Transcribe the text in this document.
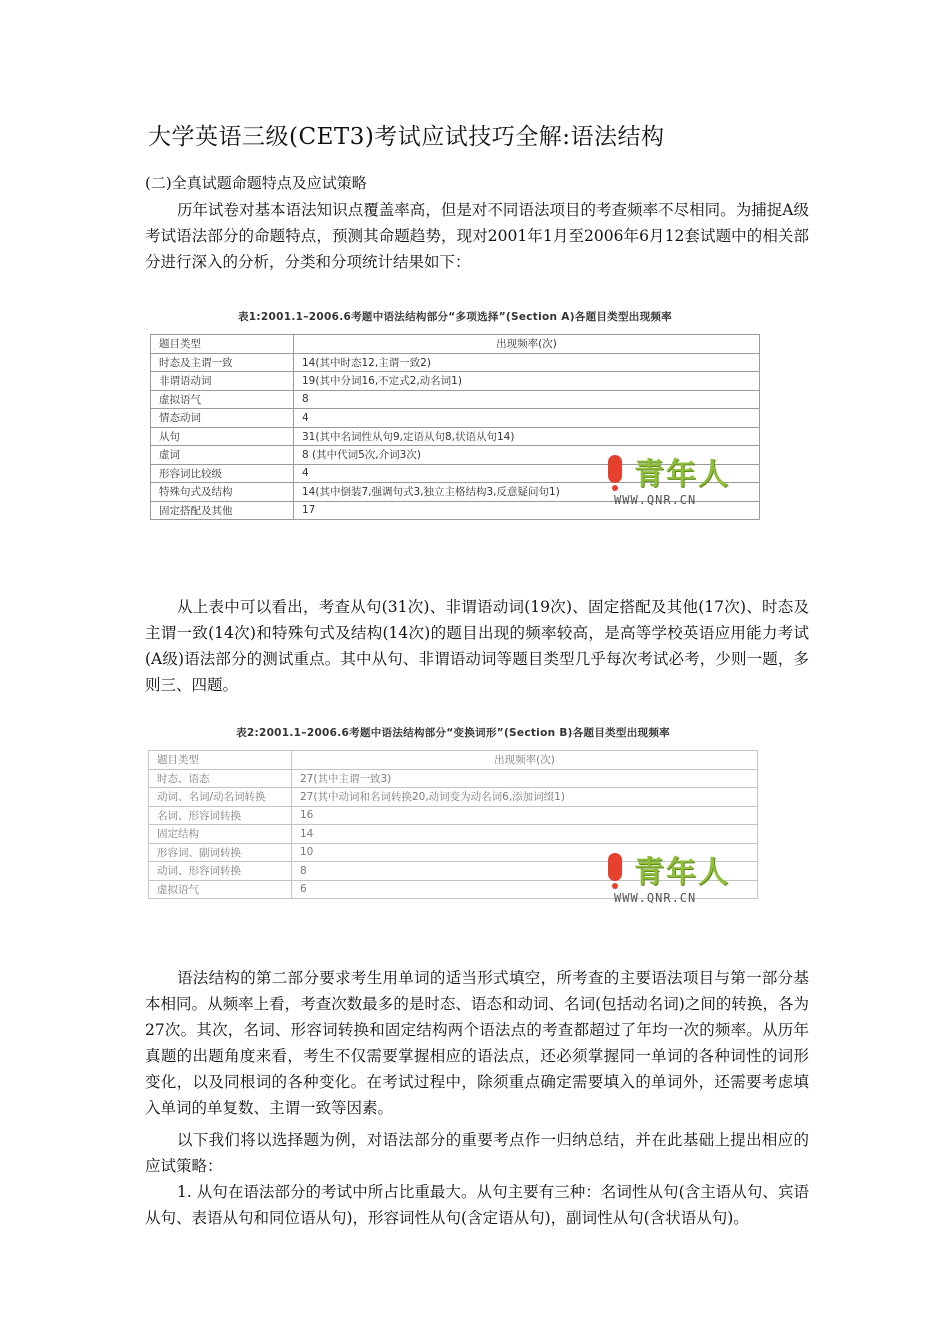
大学英语三级(CET3)考试应试技巧全解:语法结构
(二)全真试题命题特点及应试策略

历年试卷对基本语法知识点覆盖率高，但是对不同语法项目的考查频率不尽相同。为捕捉A级考试语法部分的命题特点，预测其命题趋势，现对2001年1月至2006年6月12套试题中的相关部分进行深入的分析，分类和分项统计结果如下：

表1:2001.1–2006.6考题中语法结构部分“多项选择”(Section A)各题目类型出现频率
题目类型	出现频率(次)
时态及主谓一致	14(其中时态12,主谓一致2)
非谓语动词	19(其中分词16,不定式2,动名词1)
虚拟语气	8
情态动词	4
从句	31(其中名词性从句9,定语从句8,状语从句14)
虚词	8 (其中代词5次,介词3次)
形容词比较级	4
特殊句式及结构	14(其中倒装7,强调句式3,独立主格结构3,反意疑问句1)
固定搭配及其他	17
青年人
WWW.QNR.CN

从上表中可以看出，考查从句(31次)、非谓语动词(19次)、固定搭配及其他(17次)、时态及主谓一致(14次)和特殊句式及结构(14次)的题目出现的频率较高，是高等学校英语应用能力考试(A级)语法部分的测试重点。其中从句、非谓语动词等题目类型几乎每次考试必考，少则一题，多则三、四题。

表2:2001.1–2006.6考题中语法结构部分“变换词形”(Section B)各题目类型出现频率
题目类型	出现频率(次)
时态、语态	27(其中主谓一致3)
动词、名词/动名词转换	27(其中动词和名词转换20,动词变为动名词6,添加词缀1)
名词、形容词转换	16
固定结构	14
形容词、副词转换	10
动词、形容词转换	8
虚拟语气	6	青年人
WWW.QNR.CN

语法结构的第二部分要求考生用单词的适当形式填空，所考查的主要语法项目与第一部分基本相同。从频率上看，考查次数最多的是时态、语态和动词、名词(包括动名词)之间的转换，各为27次。其次，名词、形容词转换和固定结构两个语法点的考查都超过了年均一次的频率。从历年真题的出题角度来看，考生不仅需要掌握相应的语法点，还必须掌握同一单词的各种词性的词形变化，以及同根词的各种变化。在考试过程中，除须重点确定需要填入的单词外，还需要考虑填入单词的单复数、主谓一致等因素。

以下我们将以选择题为例，对语法部分的重要考点作一归纳总结，并在此基础上提出相应的应试策略：

1. 从句在语法部分的考试中所占比重最大。从句主要有三种：名词性从句(含主语从句、宾语从句、表语从句和同位语从句)，形容词性从句(含定语从句)，副词性从句(含状语从句)。
